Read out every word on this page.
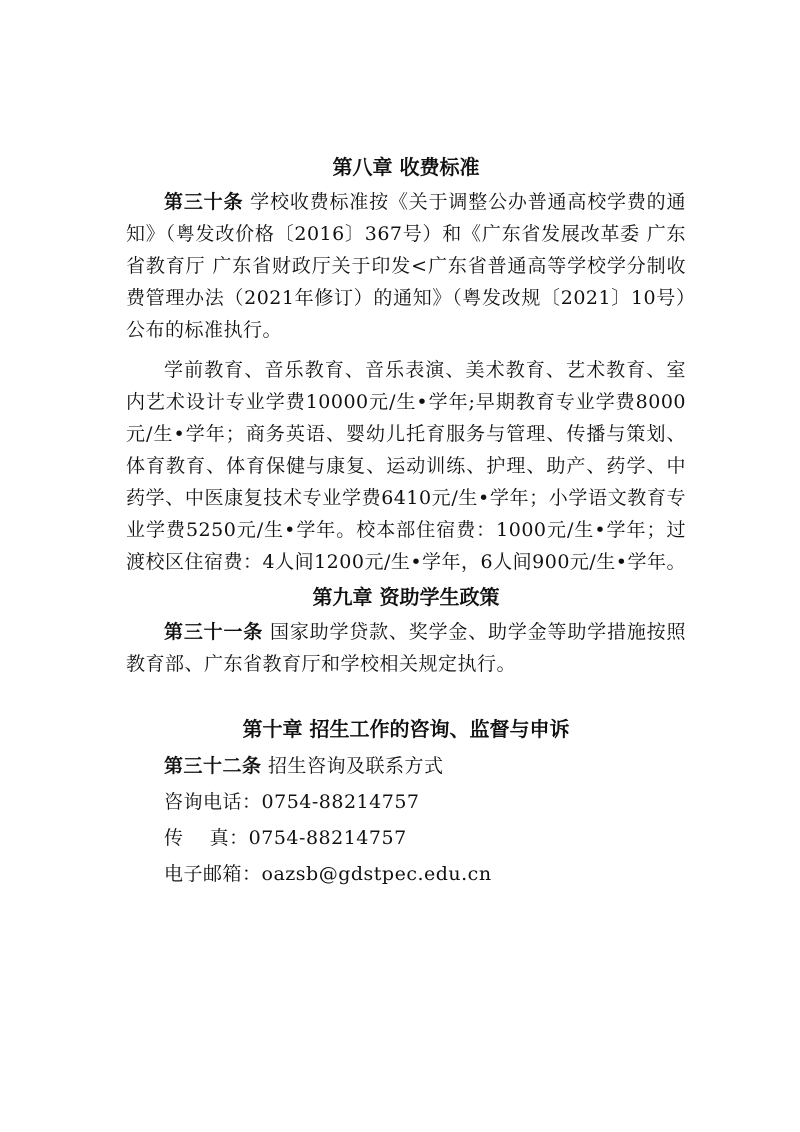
第八章 收费标准

第三十条 学校收费标准按《关于调整公办普通高校学费的通知》（粤发改价格〔2016〕367号）和《广东省发展改革委 广东省教育厅 广东省财政厅关于印发<广东省普通高等学校学分制收费管理办法（2021年修订）的通知》（粤发改规〔2021〕10号）公布的标准执行。

学前教育、音乐教育、音乐表演、美术教育、艺术教育、室内艺术设计专业学费10000元/生•学年;早期教育专业学费8000元/生•学年；商务英语、婴幼儿托育服务与管理、传播与策划、体育教育、体育保健与康复、运动训练、护理、助产、药学、中药学、中医康复技术专业学费6410元/生•学年；小学语文教育专业学费5250元/生•学年。校本部住宿费：1000元/生•学年；过渡校区住宿费：4人间1200元/生•学年，6人间900元/生•学年。

第九章 资助学生政策

第三十一条 国家助学贷款、奖学金、助学金等助学措施按照教育部、广东省教育厅和学校相关规定执行。

第十章 招生工作的咨询、监督与申诉

第三十二条 招生咨询及联系方式

咨询电话：0754-88214757

传    真：0754-88214757

电子邮箱：oazsb@gdstpec.edu.cn
